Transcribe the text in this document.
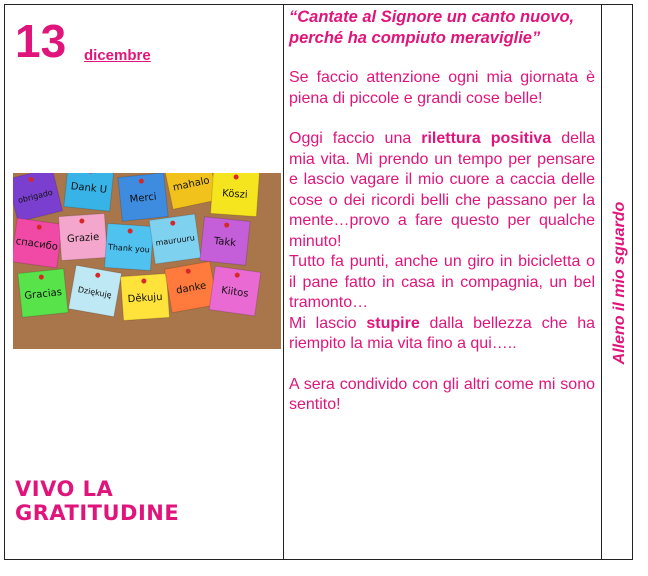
13 dicembre
obrigado Dank U
Merci
mahalo
Köszi
спасибо Grazie
Thank you
mauruuru Takk
Gracias Dziękuję Děkuju
danke Kiitos
VIVO LA GRATITUDINE

“Cantate al Signore un canto nuovo,

perché ha compiuto meraviglie”

Se faccio attenzione ogni mia giornata è piena di piccole e grandi cose belle!

Oggi faccio una rilettura positiva della mia vita. Mi prendo un tempo per pensare e lascio vagare il mio cuore a caccia delle cose o dei ricordi belli che passano per la mente…provo a fare questo per qualche minuto!

Tutto fa punti, anche un giro in bicicletta o il pane fatto in casa in compagnia, un bel tramonto…

Mi lascio stupire dalla bellezza che ha riempito la mia vita fino a qui…..

A sera condivido con gli altri come mi sono sentito!

Alleno il mio sguardo
